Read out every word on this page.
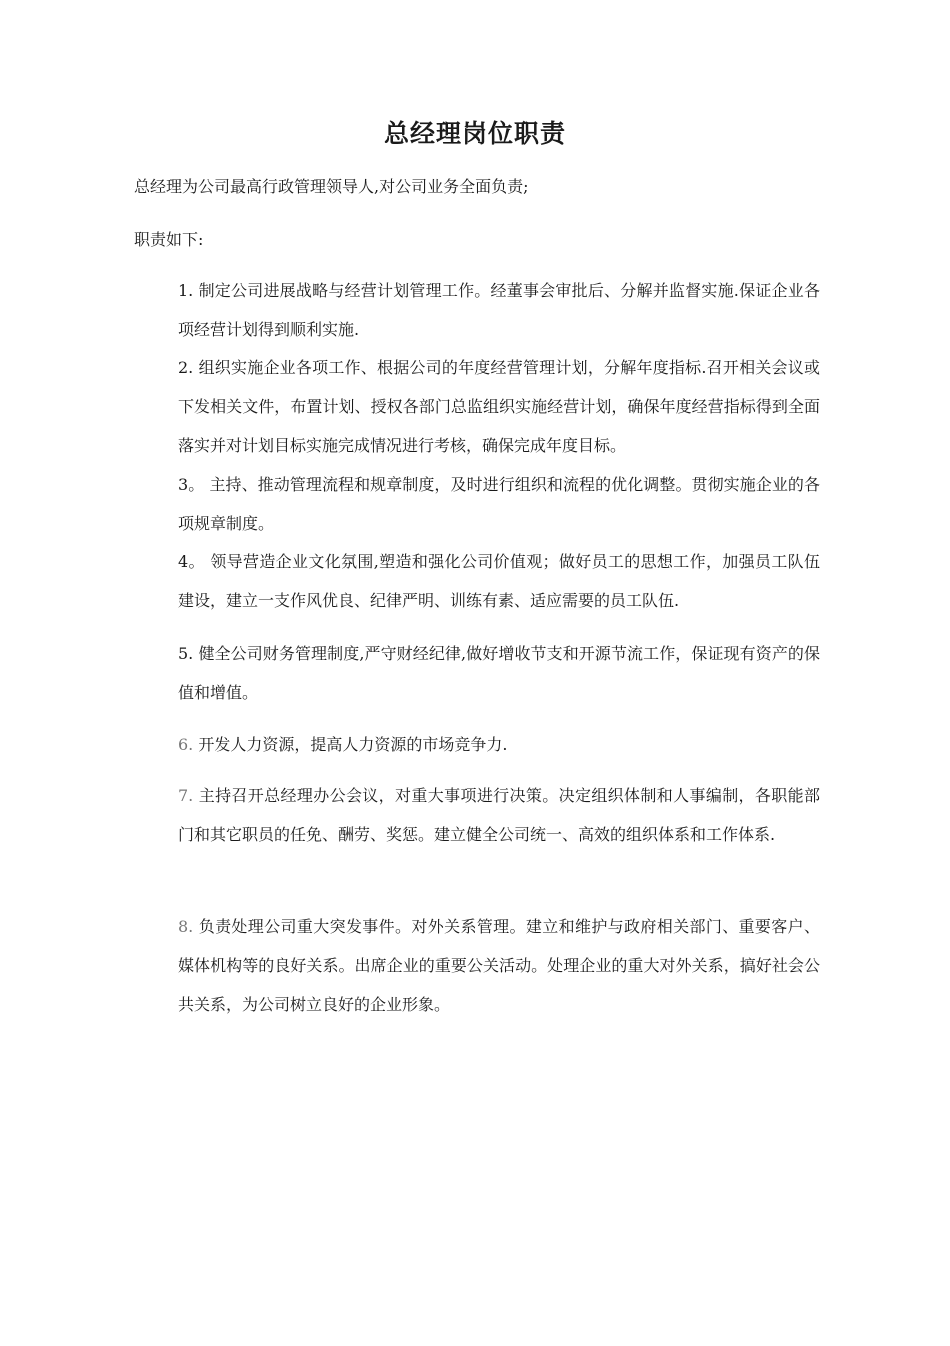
总经理岗位职责
总经理为公司最高行政管理领导人,对公司业务全面负责;
职责如下:
1. 制定公司进展战略与经营计划管理工作。经董事会审批后、分解并监督实施.保证企业各项经营计划得到顺利实施.
2. 组织实施企业各项工作、根据公司的年度经营管理计划，分解年度指标.召开相关会议或下发相关文件，布置计划、授权各部门总监组织实施经营计划，确保年度经营指标得到全面落实并对计划目标实施完成情况进行考核，确保完成年度目标。
3。 主持、推动管理流程和规章制度，及时进行组织和流程的优化调整。贯彻实施企业的各项规章制度。
4。 领导营造企业文化氛围,塑造和强化公司价值观；做好员工的思想工作，加强员工队伍建设，建立一支作风优良、纪律严明、训练有素、适应需要的员工队伍.
5. 健全公司财务管理制度,严守财经纪律,做好增收节支和开源节流工作，保证现有资产的保值和增值。
6. 开发人力资源，提高人力资源的市场竞争力.
7. 主持召开总经理办公会议，对重大事项进行决策。决定组织体制和人事编制，各职能部门和其它职员的任免、酬劳、奖惩。建立健全公司统一、高效的组织体系和工作体系.
8. 负责处理公司重大突发事件。对外关系管理。建立和维护与政府相关部门、重要客户、媒体机构等的良好关系。出席企业的重要公关活动。处理企业的重大对外关系，搞好社会公共关系，为公司树立良好的企业形象。
